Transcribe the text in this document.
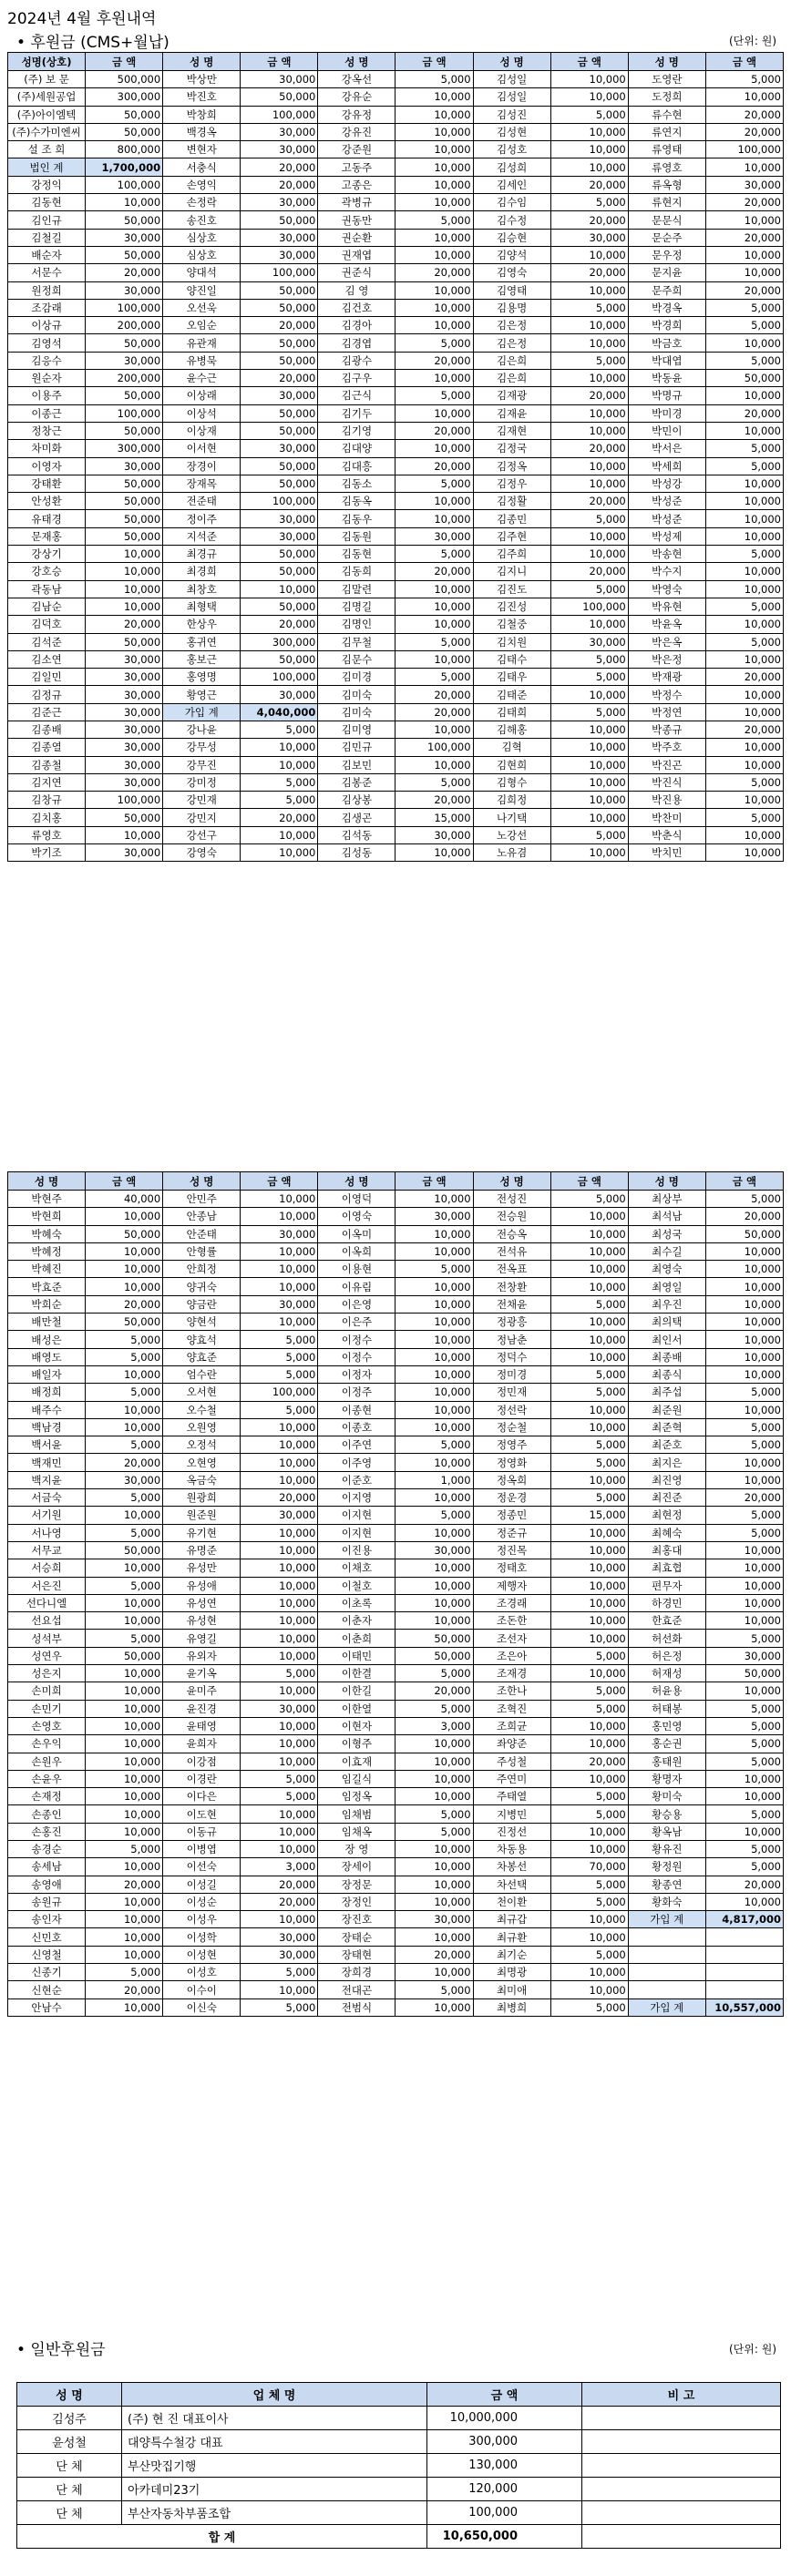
2024년 4월 후원내역
• 후원금 (CMS+월납)	(단위: 원)
성명(상호)	금 액	성 명	금 액	성 명	금 액	성 명	금 액	성 명	금 액
(주) 보 문	500,000	박상만	30,000	강옥선	5,000	김성일	10,000	도영란	5,000
(주)세원공업	300,000	박진호	50,000	강유순	10,000	김성일	10,000	도정희	10,000
(주)아이엠텍	50,000	박창희	100,000	강유정	10,000	김성진	5,000	류수현	20,000
(주)수가미엔씨	50,000	백경옥	30,000	강유진	10,000	김성현	10,000	류연지	20,000
설 조 희	800,000	변현자	30,000	강준원	10,000	김성호	10,000	류영태	100,000
법인 계	1,700,000	서충식	20,000	고동주	10,000	김성희	10,000	류영호	10,000
강정익	100,000	손영익	20,000	고종은	10,000	김세인	20,000	류옥형	30,000
김동현	10,000	손정락	30,000	곽병규	10,000	김수임	5,000	류현지	20,000
김인규	50,000	송진호	50,000	권동만	5,000	김수정	20,000	문문식	10,000
김철길	30,000	심상호	30,000	권순환	10,000	김승현	30,000	문순주	20,000
배순자	50,000	심상호	30,000	권재엽	10,000	김양석	10,000	문우정	10,000
서문수	20,000	양대석	100,000	권준식	20,000	김영숙	20,000	문지윤	10,000
원정희	30,000	양진일	50,000	김 영	10,000	김영태	10,000	문주희	20,000
조감래	100,000	오선욱	50,000	김건호	10,000	김용명	5,000	박경옥	5,000
이상규	200,000	오임순	20,000	김경아	10,000	김은정	10,000	박경희	5,000
김영석	50,000	유관재	50,000	김경엽	5,000	김은정	10,000	박금호	10,000
김응수	30,000	유병묵	50,000	김광수	20,000	김은희	5,000	박대엽	5,000
원순자	200,000	윤수근	20,000	김구우	10,000	김은희	10,000	박동윤	50,000
이용주	50,000	이상래	30,000	김근식	5,000	김재광	20,000	박명규	10,000
이종근	100,000	이상석	50,000	김기두	10,000	김재윤	10,000	박미경	20,000
정창근	50,000	이상재	50,000	김기영	20,000	김재현	10,000	박민이	10,000
차미화	300,000	이서현	30,000	김대양	10,000	김정국	20,000	박서은	5,000
이영자	30,000	장경이	50,000	김대흥	20,000	김정옥	10,000	박세희	5,000
강태환	50,000	장재목	50,000	김동소	5,000	김정우	10,000	박성강	10,000
안성환	50,000	전준태	100,000	김동옥	10,000	김정활	20,000	박성준	10,000
유태경	50,000	정이주	30,000	김동우	10,000	김종민	5,000	박성준	10,000
문재홍	50,000	지석준	30,000	김동원	30,000	김주현	10,000	박성제	10,000
강상기	10,000	최경규	50,000	김동현	5,000	김주희	10,000	박송현	5,000
강호승	10,000	최경희	50,000	김동희	20,000	김지니	20,000	박수지	10,000
곽동남	10,000	최창호	10,000	김말련	10,000	김진도	5,000	박영숙	10,000
김남순	10,000	최형택	50,000	김명길	10,000	김진성	100,000	박유현	5,000
김덕호	20,000	한상우	20,000	김명인	10,000	김철중	10,000	박윤옥	10,000
김석준	50,000	홍귀연	300,000	김무철	5,000	김치원	30,000	박은옥	5,000
김소연	30,000	홍보근	50,000	김문수	10,000	김태수	5,000	박은정	10,000
김일민	30,000	홍영명	100,000	김미경	5,000	김태우	5,000	박재광	20,000
김정규	30,000	황영근	30,000	김미숙	20,000	김태준	10,000	박정수	10,000
김준근	30,000	가입 계	4,040,000	김미숙	20,000	김태희	5,000	박정연	10,000
김종배	30,000	강나윤	5,000	김미영	10,000	김해홍	10,000	박종규	20,000
김종열	30,000	강무성	10,000	김민규	100,000	김혁	10,000	박주호	10,000
김종철	30,000	강무진	10,000	김보민	10,000	김현희	10,000	박진곤	10,000
김지연	30,000	강미정	5,000	김봉준	5,000	김형수	10,000	박진식	5,000
김창규	100,000	강민재	5,000	김상봉	20,000	김희정	10,000	박진용	10,000
김치홍	50,000	강민지	20,000	김생곤	15,000	나기택	10,000	박찬미	5,000
류영호	10,000	강선구	10,000	김석동	30,000	노강선	5,000	박춘식	10,000
박기조	30,000	강영숙	10,000	김성동	10,000	노유겸	10,000	박치민	10,000
성 명	금 액	성 명	금 액	성 명	금 액	성 명	금 액	성 명	금 액
박현주	40,000	안민주	10,000	이영덕	10,000	전성진	5,000	최상부	5,000
박현희	10,000	안종남	10,000	이영숙	30,000	전승원	10,000	최석남	20,000
박혜숙	50,000	안준태	30,000	이옥미	10,000	전승옥	10,000	최성국	50,000
박혜정	10,000	안형률	10,000	이옥희	10,000	전석유	10,000	최수길	10,000
박혜진	10,000	안희정	10,000	이용현	5,000	전옥표	10,000	최영숙	10,000
박효준	10,000	양귀숙	10,000	이유림	10,000	전창환	10,000	최영일	10,000
박희순	20,000	양금란	30,000	이은영	10,000	전채윤	5,000	최우진	10,000
배만철	50,000	양현석	10,000	이은주	10,000	정광흥	10,000	최의택	10,000
배성은	5,000	양효석	5,000	이정수	10,000	정남춘	10,000	최인서	10,000
배영도	5,000	양효준	5,000	이정수	10,000	정덕수	10,000	최종배	10,000
배일자	10,000	엄수란	5,000	이정자	10,000	정미경	5,000	최종식	10,000
배정희	5,000	오서현	100,000	이정주	10,000	정민재	5,000	최주섭	5,000
배주수	10,000	오수철	5,000	이종현	10,000	정선락	10,000	최준원	10,000
백남경	10,000	오원영	10,000	이종호	10,000	정순철	10,000	최준혁	5,000
백서윤	5,000	오정석	10,000	이주연	5,000	정영주	5,000	최준호	5,000
백재민	20,000	오현영	10,000	이주영	10,000	정영화	5,000	최지은	10,000
백지윤	30,000	옥금숙	10,000	이준호	1,000	정옥희	10,000	최진영	10,000
서금숙	5,000	원광희	20,000	이지영	10,000	정운경	5,000	최진준	20,000
서기원	10,000	원준원	30,000	이지현	5,000	정종민	15,000	최현정	5,000
서나영	5,000	유기현	10,000	이지현	10,000	정준규	10,000	최혜숙	5,000
서무교	50,000	유명준	10,000	이진용	30,000	정진목	10,000	최홍대	10,000
서승희	10,000	유성만	10,000	이채호	10,000	정태호	10,000	최효협	10,000
서은진	5,000	유성애	10,000	이철호	10,000	제행자	10,000	편무자	10,000
선다니엘	10,000	유성연	10,000	이초록	10,000	조경래	10,000	하경민	10,000
선요섭	10,000	유성현	10,000	이춘자	10,000	조돈한	10,000	한효준	10,000
성석부	5,000	유영길	10,000	이춘희	50,000	조선자	10,000	허선화	5,000
성연우	50,000	유외자	10,000	이태민	50,000	조은아	5,000	허은정	30,000
성은지	10,000	윤기옥	5,000	이한결	5,000	조재경	10,000	허재성	50,000
손미희	10,000	윤미주	10,000	이한길	20,000	조한나	5,000	허윤용	10,000
손민기	10,000	윤진경	30,000	이한열	5,000	조혁진	5,000	허태봉	5,000
손영호	10,000	윤태영	10,000	이현자	3,000	조희균	10,000	홍민영	5,000
손우익	10,000	윤희자	10,000	이형주	10,000	좌양준	10,000	홍순권	5,000
손원우	10,000	이강점	10,000	이효재	10,000	주성철	20,000	홍태원	5,000
손윤우	10,000	이경란	5,000	임길식	10,000	주연미	10,000	황명자	10,000
손재정	10,000	이다은	5,000	임정옥	10,000	주태열	5,000	황미숙	10,000
손종인	10,000	이도현	10,000	임채범	5,000	지병민	5,000	황승용	5,000
손홍진	10,000	이동규	10,000	임채옥	5,000	진정선	10,000	황옥남	10,000
송경순	5,000	이병엽	10,000	장 영	10,000	차동용	10,000	황유진	5,000
송세남	10,000	이선숙	3,000	장세이	10,000	차봉선	70,000	황정원	5,000
송영애	20,000	이성길	20,000	장정문	10,000	차선택	5,000	황종연	20,000
송원규	10,000	이성순	20,000	장정인	10,000	천이환	5,000	황화숙	10,000
송인자	10,000	이성우	10,000	장진호	30,000	최규갑	10,000	가입 계	4,817,000
신민호	10,000	이성학	30,000	장태순	10,000	최규환	10,000		
신영철	10,000	이성현	30,000	장태현	20,000	최기순	5,000		
신종기	5,000	이성호	5,000	장희경	10,000	최명광	10,000		
신현순	20,000	이수이	10,000	전대곤	5,000	최미애	10,000		
안남수	10,000	이신숙	5,000	전범식	10,000	최병희	5,000	가입 계	10,557,000
• 일반후원금	(단위: 원)
성 명	업 체 명	금 액	비 고
김성주	(주) 현 진 대표이사	10,000,000	
윤성철	대양특수철강 대표	300,000	
단 체	부산맛집기행	130,000	
단 체	아카데미23기	120,000	
단 체	부산자동차부품조합	100,000	
합 계		10,650,000	
